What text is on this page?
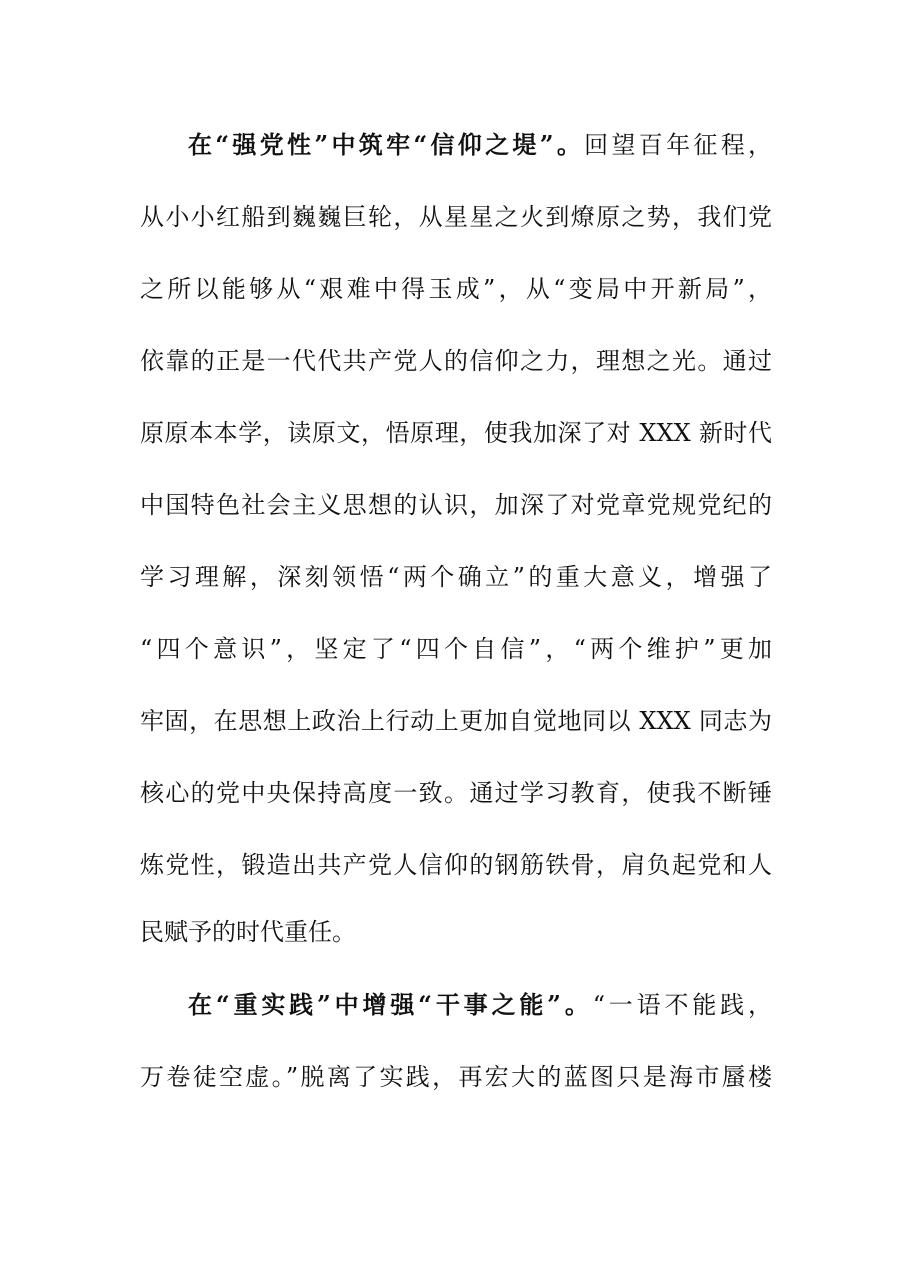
在“强党性”中筑牢“信仰之堤”。回望百年征程，
从小小红船到巍巍巨轮，从星星之火到燎原之势，我们党
之所以能够从“艰难中得玉成”，从“变局中开新局”，
依靠的正是一代代共产党人的信仰之力，理想之光。通过
原原本本学，读原文，悟原理，使我加深了对 XXX 新时代
中国特色社会主义思想的认识，加深了对党章党规党纪的
学习理解，深刻领悟“两个确立”的重大意义，增强了
“四个意识”，坚定了“四个自信”，“两个维护”更加
牢固，在思想上政治上行动上更加自觉地同以 XXX 同志为
核心的党中央保持高度一致。通过学习教育，使我不断锤
炼党性，锻造出共产党人信仰的钢筋铁骨，肩负起党和人
民赋予的时代重任。
在“重实践”中增强“干事之能”。“一语不能践，
万卷徒空虚。”脱离了实践，再宏大的蓝图只是海市蜃楼
